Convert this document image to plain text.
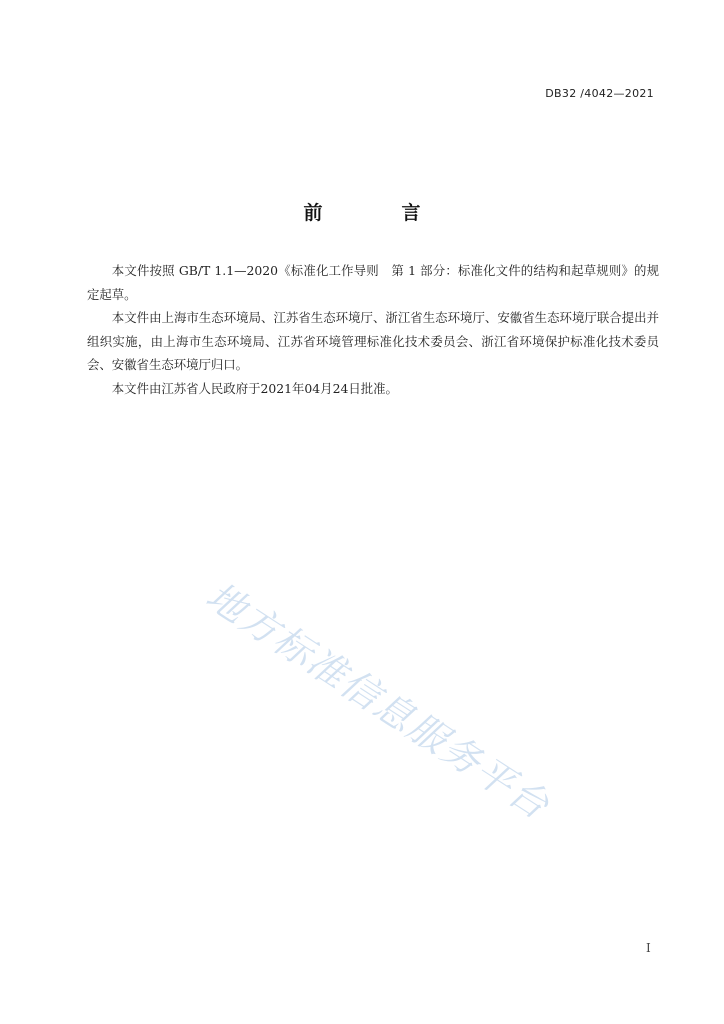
DB32 /4042—2021
前　言

本文件按照 GB/T 1.1—2020《标准化工作导则　第 1 部分：标准化文件的结构和起草规则》的规定起草。

本文件由上海市生态环境局、江苏省生态环境厅、浙江省生态环境厅、安徽省生态环境厅联合提出并组织实施，由上海市生态环境局、江苏省环境管理标准化技术委员会、浙江省环境保护标准化技术委员会、安徽省生态环境厅归口。

本文件由江苏省人民政府于2021年04月24日批准。

地方标准信息服务平台
I
